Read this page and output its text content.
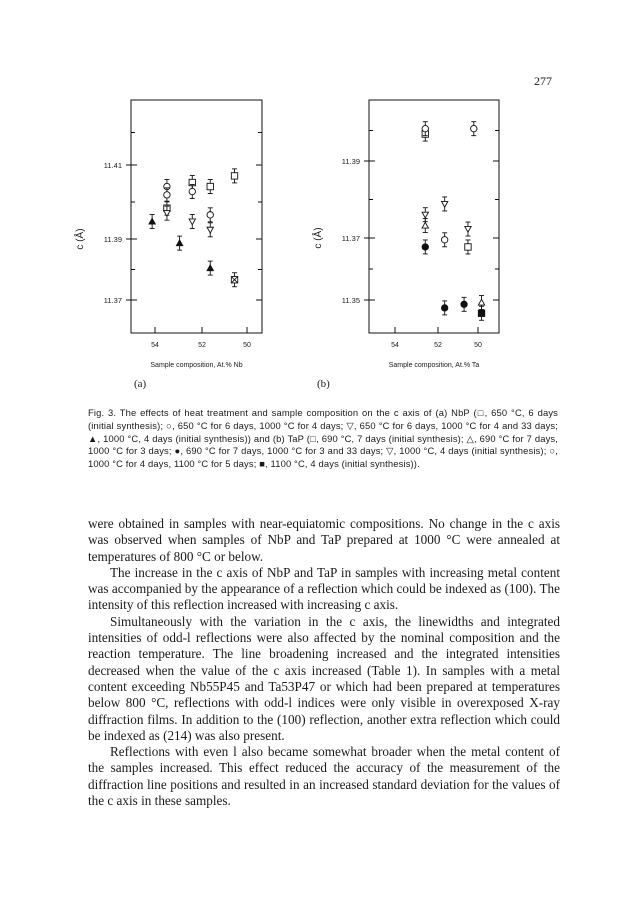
277
11.41
11.39
11.37
54	52	50
Sample composition, At.% Nb
c (Å)
11.39
11.37
11.35
54	52	50
Sample composition, At.% Ta
c (Å)
(a)	(b)
Fig. 3. The effects of heat treatment and sample composition on the c axis of (a) NbP (□, 650 °C, 6 days (initial synthesis); ○, 650 °C for 6 days, 1000 °C for 4 days; ▽, 650 °C for 6 days, 1000 °C for 4 and 33 days; ▲, 1000 °C, 4 days (initial synthesis)) and (b) TaP (□, 690 °C, 7 days (initial synthesis); △, 690 °C for 7 days, 1000 °C for 3 days; ●, 690 °C for 7 days, 1000 °C for 3 and 33 days; ▽, 1000 °C, 4 days (initial synthesis); ○, 1000 °C for 4 days, 1100 °C for 5 days; ■, 1100 °C, 4 days (initial synthesis)).

were obtained in samples with near-equiatomic compositions. No change in the c axis was observed when samples of NbP and TaP prepared at 1000 °C were annealed at temperatures of 800 °C or below.

The increase in the c axis of NbP and TaP in samples with increasing metal content was accompanied by the appearance of a reflection which could be indexed as (100). The intensity of this reflection increased with increasing c axis.

Simultaneously with the variation in the c axis, the linewidths and integrated intensities of odd-l reflections were also affected by the nominal composition and the reaction temperature. The line broadening increased and the integrated intensities decreased when the value of the c axis increased (Table 1). In samples with a metal content exceeding Nb55P45 and Ta53P47 or which had been prepared at temperatures below 800 °C, reflections with odd-l indices were only visible in overexposed X-ray diffraction films. In addition to the (100) reflection, another extra reflection which could be indexed as (214) was also present.

Reflections with even l also became somewhat broader when the metal content of the samples increased. This effect reduced the accuracy of the measurement of the diffraction line positions and resulted in an increased standard deviation for the values of the c axis in these samples.
